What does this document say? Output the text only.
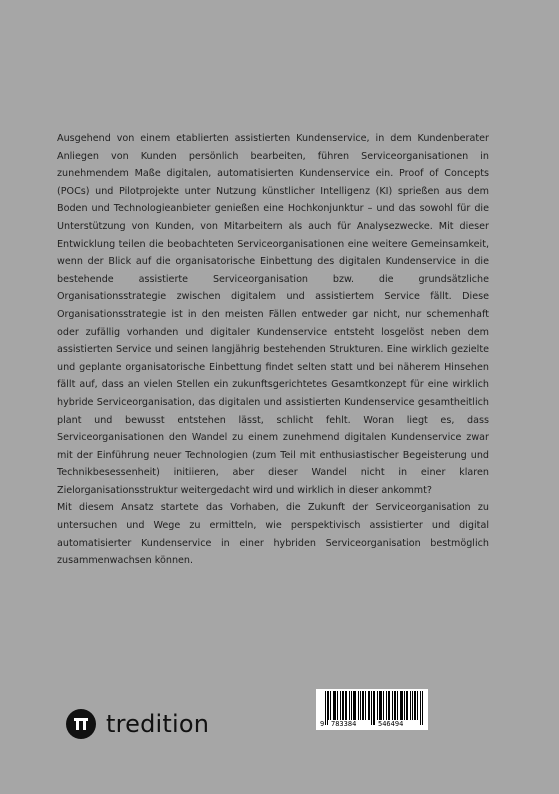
Ausgehend von einem etablierten assistierten Kundenservice, in dem Kundenberater Anliegen von Kunden persönlich bearbeiten, führen Serviceorganisationen in zunehmendem Maße digitalen, automatisierten Kundenservice ein. Proof of Concepts (POCs) und Pilotprojekte unter Nutzung künstlicher Intelligenz (KI) sprießen aus dem Boden und Technologieanbieter genießen eine Hochkonjunktur – und das sowohl für die Unterstützung von Kunden, von Mitarbeitern als auch für Analysezwecke. Mit dieser Entwicklung teilen die beobachteten Serviceorganisationen eine weitere Gemeinsamkeit, wenn der Blick auf die organisatorische Einbettung des digitalen Kundenservice in die bestehende assistierte Serviceorganisation bzw. die grundsätzliche Organisationsstrategie zwischen digitalem und assistiertem Service fällt. Diese Organisationsstrategie ist in den meisten Fällen entweder gar nicht, nur schemenhaft oder zufällig vorhanden und digitaler Kundenservice entsteht losgelöst neben dem assistierten Service und seinen langjährig bestehenden Strukturen. Eine wirklich gezielte und geplante organisatorische Einbettung findet selten statt und bei näherem Hinsehen fällt auf, dass an vielen Stellen ein zukunftsgerichtetes Gesamtkonzept für eine wirklich hybride Serviceorganisation, das digitalen und assistierten Kundenservice gesamtheitlich plant und bewusst entstehen lässt, schlicht fehlt. Woran liegt es, dass Serviceorganisationen den Wandel zu einem zunehmend digitalen Kundenservice zwar mit der Einführung neuer Technologien (zum Teil mit enthusiastischer Begeisterung und Technikbesessenheit) initiieren, aber dieser Wandel nicht in einer klaren Zielorganisationsstruktur weitergedacht wird und wirklich in dieser ankommt?

Mit diesem Ansatz startete das Vorhaben, die Zukunft der Serviceorganisation zu untersuchen und Wege zu ermitteln, wie perspektivisch assistierter und digital automatisierter Kundenservice in einer hybriden Serviceorganisation bestmöglich zusammenwachsen können.

tredition	9 783384	546494
